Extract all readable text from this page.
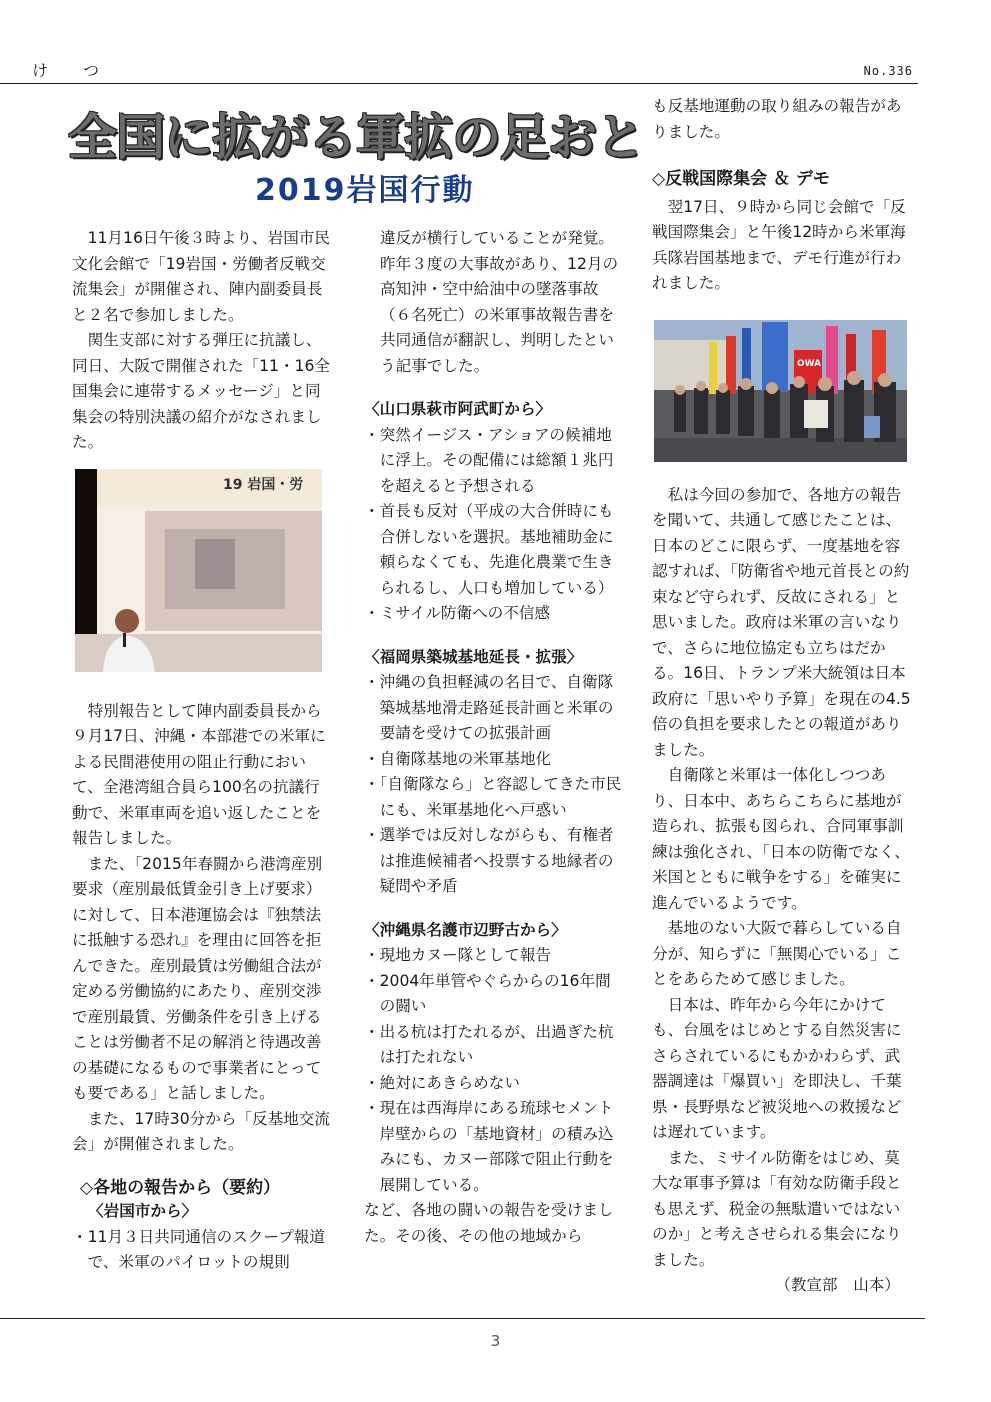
け　　つ	No.336
全国に拡がる軍拡の足おと
2019岩国行動

11月16日午後３時より、岩国市民文化会館で「19岩国・労働者反戦交流集会」が開催され、陣内副委員長と２名で参加しました。

関生支部に対する弾圧に抗議し、同日、大阪で開催された「11・16全国集会に連帯するメッセージ」と同集会の特別決議の紹介がなされました。

特別報告として陣内副委員長から９月17日、沖縄・本部港での米軍による民間港使用の阻止行動において、全港湾組合員ら100名の抗議行動で、米軍車両を追い返したことを報告しました。

また、「2015年春闘から港湾産別要求（産別最低賃金引き上げ要求）に対して、日本港運協会は『独禁法に抵触する恐れ』を理由に回答を拒んできた。産別最賃は労働組合法が定める労働協約にあたり、産別交渉で産別最賃、労働条件を引き上げることは労働者不足の解消と待遇改善の基礎になるもので事業者にとっても要である」と話しました。

また、17時30分から「反基地交流会」が開催されました。

◇各地の報告から（要約）
〈岩国市から〉
・ 11月３日共同通信のスクープ報道で、米軍のパイロットの規則
19 岩国・労

違反が横行していることが発覚。昨年３度の大事故があり、12月の高知沖・空中給油中の墜落事故（６名死亡）の米軍事故報告書を共同通信が翻訳し、判明したという記事でした。

〈山口県萩市阿武町から〉
・ 突然イージス・アショアの候補地に浮上。その配備には総額１兆円を超えると予想される
・ 首長も反対（平成の大合併時にも合併しないを選択。基地補助金に頼らなくても、先進化農業で生きられるし、人口も増加している）
・ ミサイル防衛への不信感
〈福岡県築城基地延長・拡張〉
・ 沖縄の負担軽減の名目で、自衛隊築城基地滑走路延長計画と米軍の要請を受けての拡張計画
・ 自衛隊基地の米軍基地化
・ 「自衛隊なら」と容認してきた市民にも、米軍基地化へ戸惑い
・ 選挙では反対しながらも、有権者は推進候補者へ投票する地縁者の疑問や矛盾
〈沖縄県名護市辺野古から〉
・ 現地カヌー隊として報告
・ 2004年単管やぐらからの16年間の闘い
・ 出る杭は打たれるが、出過ぎた杭は打たれない
・ 絶対にあきらめない
・ 現在は西海岸にある琉球セメント岸壁からの「基地資材」の積み込みにも、カヌー部隊で阻止行動を展開している。

など、各地の闘いの報告を受けました。その後、その他の地域から

も反基地運動の取り組みの報告がありました。

◇反戦国際集会 ＆ デモ

翌17日、９時から同じ会館で「反戦国際集会」と午後12時から米軍海兵隊岩国基地まで、デモ行進が行われました。

私は今回の参加で、各地方の報告を聞いて、共通して感じたことは、日本のどこに限らず、一度基地を容認すれば、「防衛省や地元首長との約束など守られず、反故にされる」と思いました。政府は米軍の言いなりで、さらに地位協定も立ちはだかる。16日、トランプ米大統領は日本政府に「思いやり予算」を現在の4.5倍の負担を要求したとの報道がありました。

自衛隊と米軍は一体化しつつあり、日本中、あちらこちらに基地が造られ、拡張も図られ、合同軍事訓練は強化され、「日本の防衛でなく、米国とともに戦争をする」を確実に進んでいるようです。

基地のない大阪で暮らしている自分が、知らずに「無関心でいる」ことをあらためて感じました。

日本は、昨年から今年にかけても、台風をはじめとする自然災害にさらされているにもかかわらず、武器調達は「爆買い」を即決し、千葉県・長野県など被災地への救援などは遅れています。

また、ミサイル防衛をはじめ、莫大な軍事予算は「有効な防衛手段とも思えず、税金の無駄遣いではないのか」と考えさせられる集会になりました。

（教宣部　山本）
OWA
3
